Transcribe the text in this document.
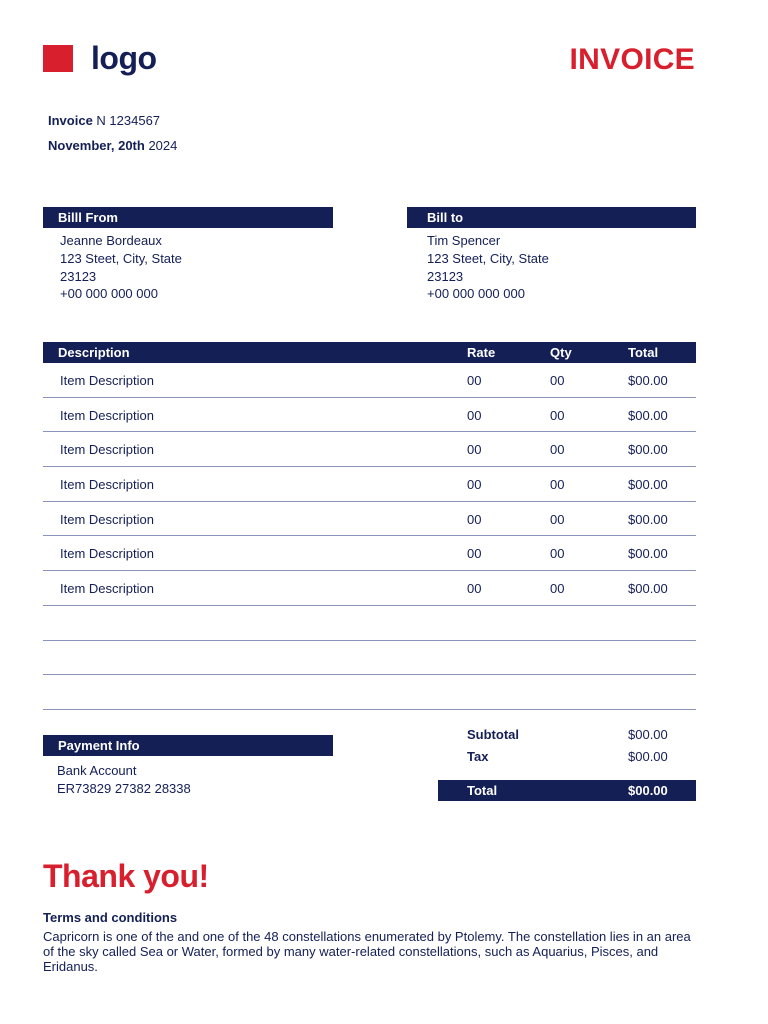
logo	INVOICE
Invoice N 1234567
November, 20th 2024
Billl From
Jeanne Bordeaux
123 Steet, City, State
23123
+00 000 000 000
Bill to
Tim Spencer
123 Steet, City, State
23123
+00 000 000 000
Description	Rate	Qty	Total
Item Description	00	00	$00.00
Item Description	00	00	$00.00
Item Description	00	00	$00.00
Item Description	00	00	$00.00
Item Description	00	00	$00.00
Item Description	00	00	$00.00
Item Description	00	00	$00.00
Payment Info
Bank Account
ER73829 27382 28338
Subtotal	$00.00
Tax	$00.00
Total	$00.00
Thank you!
Terms and conditions
Capricorn is one of the and one of the 48 constellations enumerated by Ptolemy. The constellation lies in an area of the sky called Sea or Water, formed by many water-related constellations, such as Aquarius, Pisces, and Eridanus.
